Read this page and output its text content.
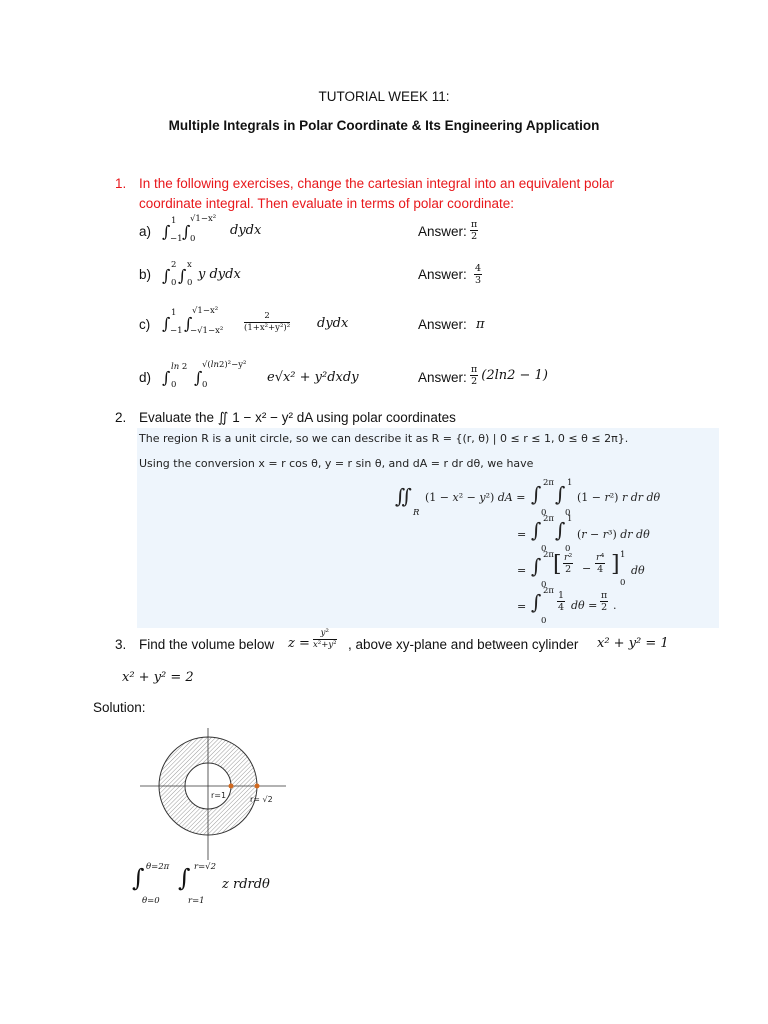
TUTORIAL WEEK 11:
Multiple Integrals in Polar Coordinate & Its Engineering Application
1. In the following exercises, change the cartesian integral into an equivalent polar
coordinate integral. Then evaluate in terms of polar coordinate:
a) ∫
1
−1 ∫
√1−x²
0
dydx	Answer: $\frac{\pi}{2}$
b) ∫
2
0 ∫
x
0
y dydx	Answer: $\frac{4}{3}$
c) ∫
1
−1 ∫
√1−x²
$-√1-x^2 \frac{2}{\text{(1+x²+y²)²}}$ dydx	Answer: π
d) ∫
ln 2
0 ∫
√(ln2)²−y²
0	e√x² + y²dxdy	Answer: $\frac{\pi}{2} (2\ln 2 - 1)$
2. Evaluate the ∬ 1 − x² − y² dA using polar coordinates
The region R is a unit circle, so we can describe it as R = {(r, θ) | 0 ≤ r ≤ 1, 0 ≤ θ ≤ 2π}.
Using the conversion x = r cos θ, y = r sin θ, and dA = r dr dθ, we have
∬
R
(1 − x² − y²) dA = ∫ 2π
0
∫ 1
0
(1 − r²) r dr dθ
= ∫ 2π
0
∫ 1
0
(r − r³) dr dθ
= ∫ 2π
0
[ $\frac{\text{r²}}{2} - \frac{\text{r⁴}}{4}$ ] 1
0
dθ
= ∫ 2π
0
$\frac{1}{4}$ $d\theta = \frac{\pi}{2}$ .
3. Find the volume below $z = \frac{\text{y²}}{\text{x²+y²}}$ , above xy-plane and between cylinder x² + y² = 1
x² + y² = 2
Solution:
r=1	r= √2
∫ θ=2π
θ=0
∫ r=√2
r=1
z rdrdθ
